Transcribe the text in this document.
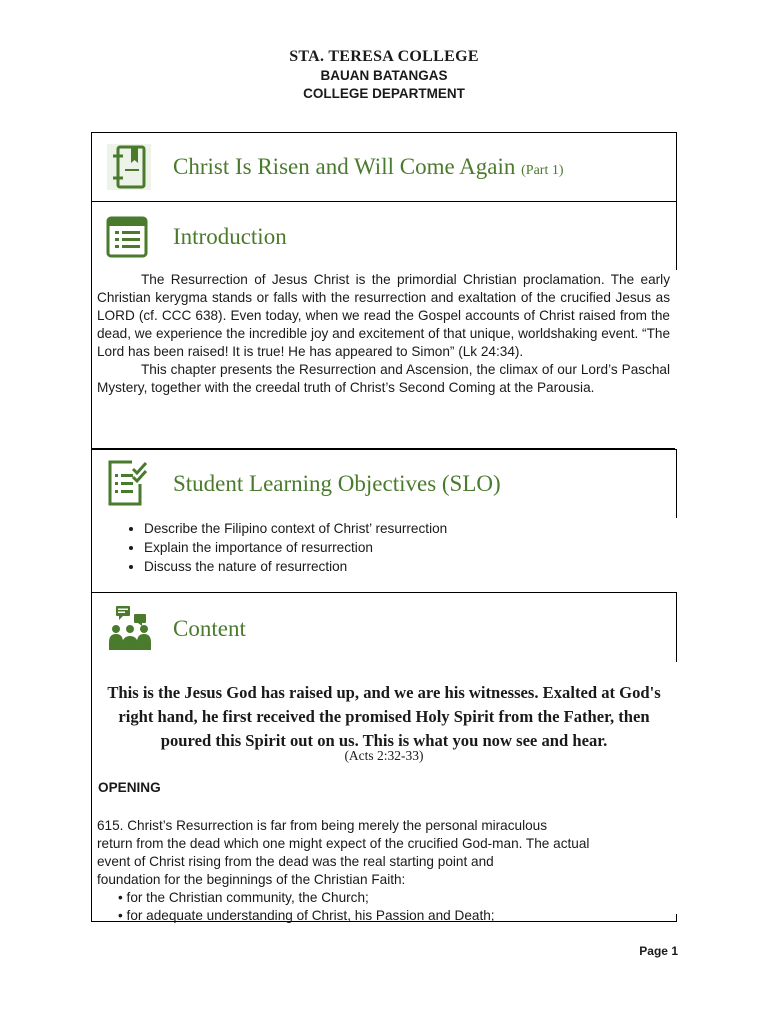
STA. TERESA COLLEGE
BAUAN BATANGAS
COLLEGE DEPARTMENT
Christ Is Risen and Will Come Again (Part 1)
Introduction

The Resurrection of Jesus Christ is the primordial Christian proclamation. The early Christian kerygma stands or falls with the resurrection and exaltation of the crucified Jesus as LORD (cf. CCC 638). Even today, when we read the Gospel accounts of Christ raised from the dead, we experience the incredible joy and excitement of that unique, worldshaking event. “The Lord has been raised! It is true! He has appeared to Simon” (Lk 24:34).

This chapter presents the Resurrection and Ascension, the climax of our Lord’s Paschal Mystery, together with the creedal truth of Christ’s Second Coming at the Parousia.

Student Learning Objectives (SLO)
• Describe the Filipino context of Christ’ resurrection
• Explain the importance of resurrection
• Discuss the nature of resurrection
Content
This is the Jesus God has raised up, and we are his witnesses. Exalted at God's right hand, he first received the promised Holy Spirit from the Father, then poured this Spirit out on us. This is what you now see and hear.
(Acts 2:32-33)
OPENING
615. Christ’s Resurrection is far from being merely the personal miraculous
return from the dead which one might expect of the crucified God-man. The actual
event of Christ rising from the dead was the real starting point and
foundation for the beginnings of the Christian Faith:
• for the Christian community, the Church;
• for adequate understanding of Christ, his Passion and Death;
Page 1
